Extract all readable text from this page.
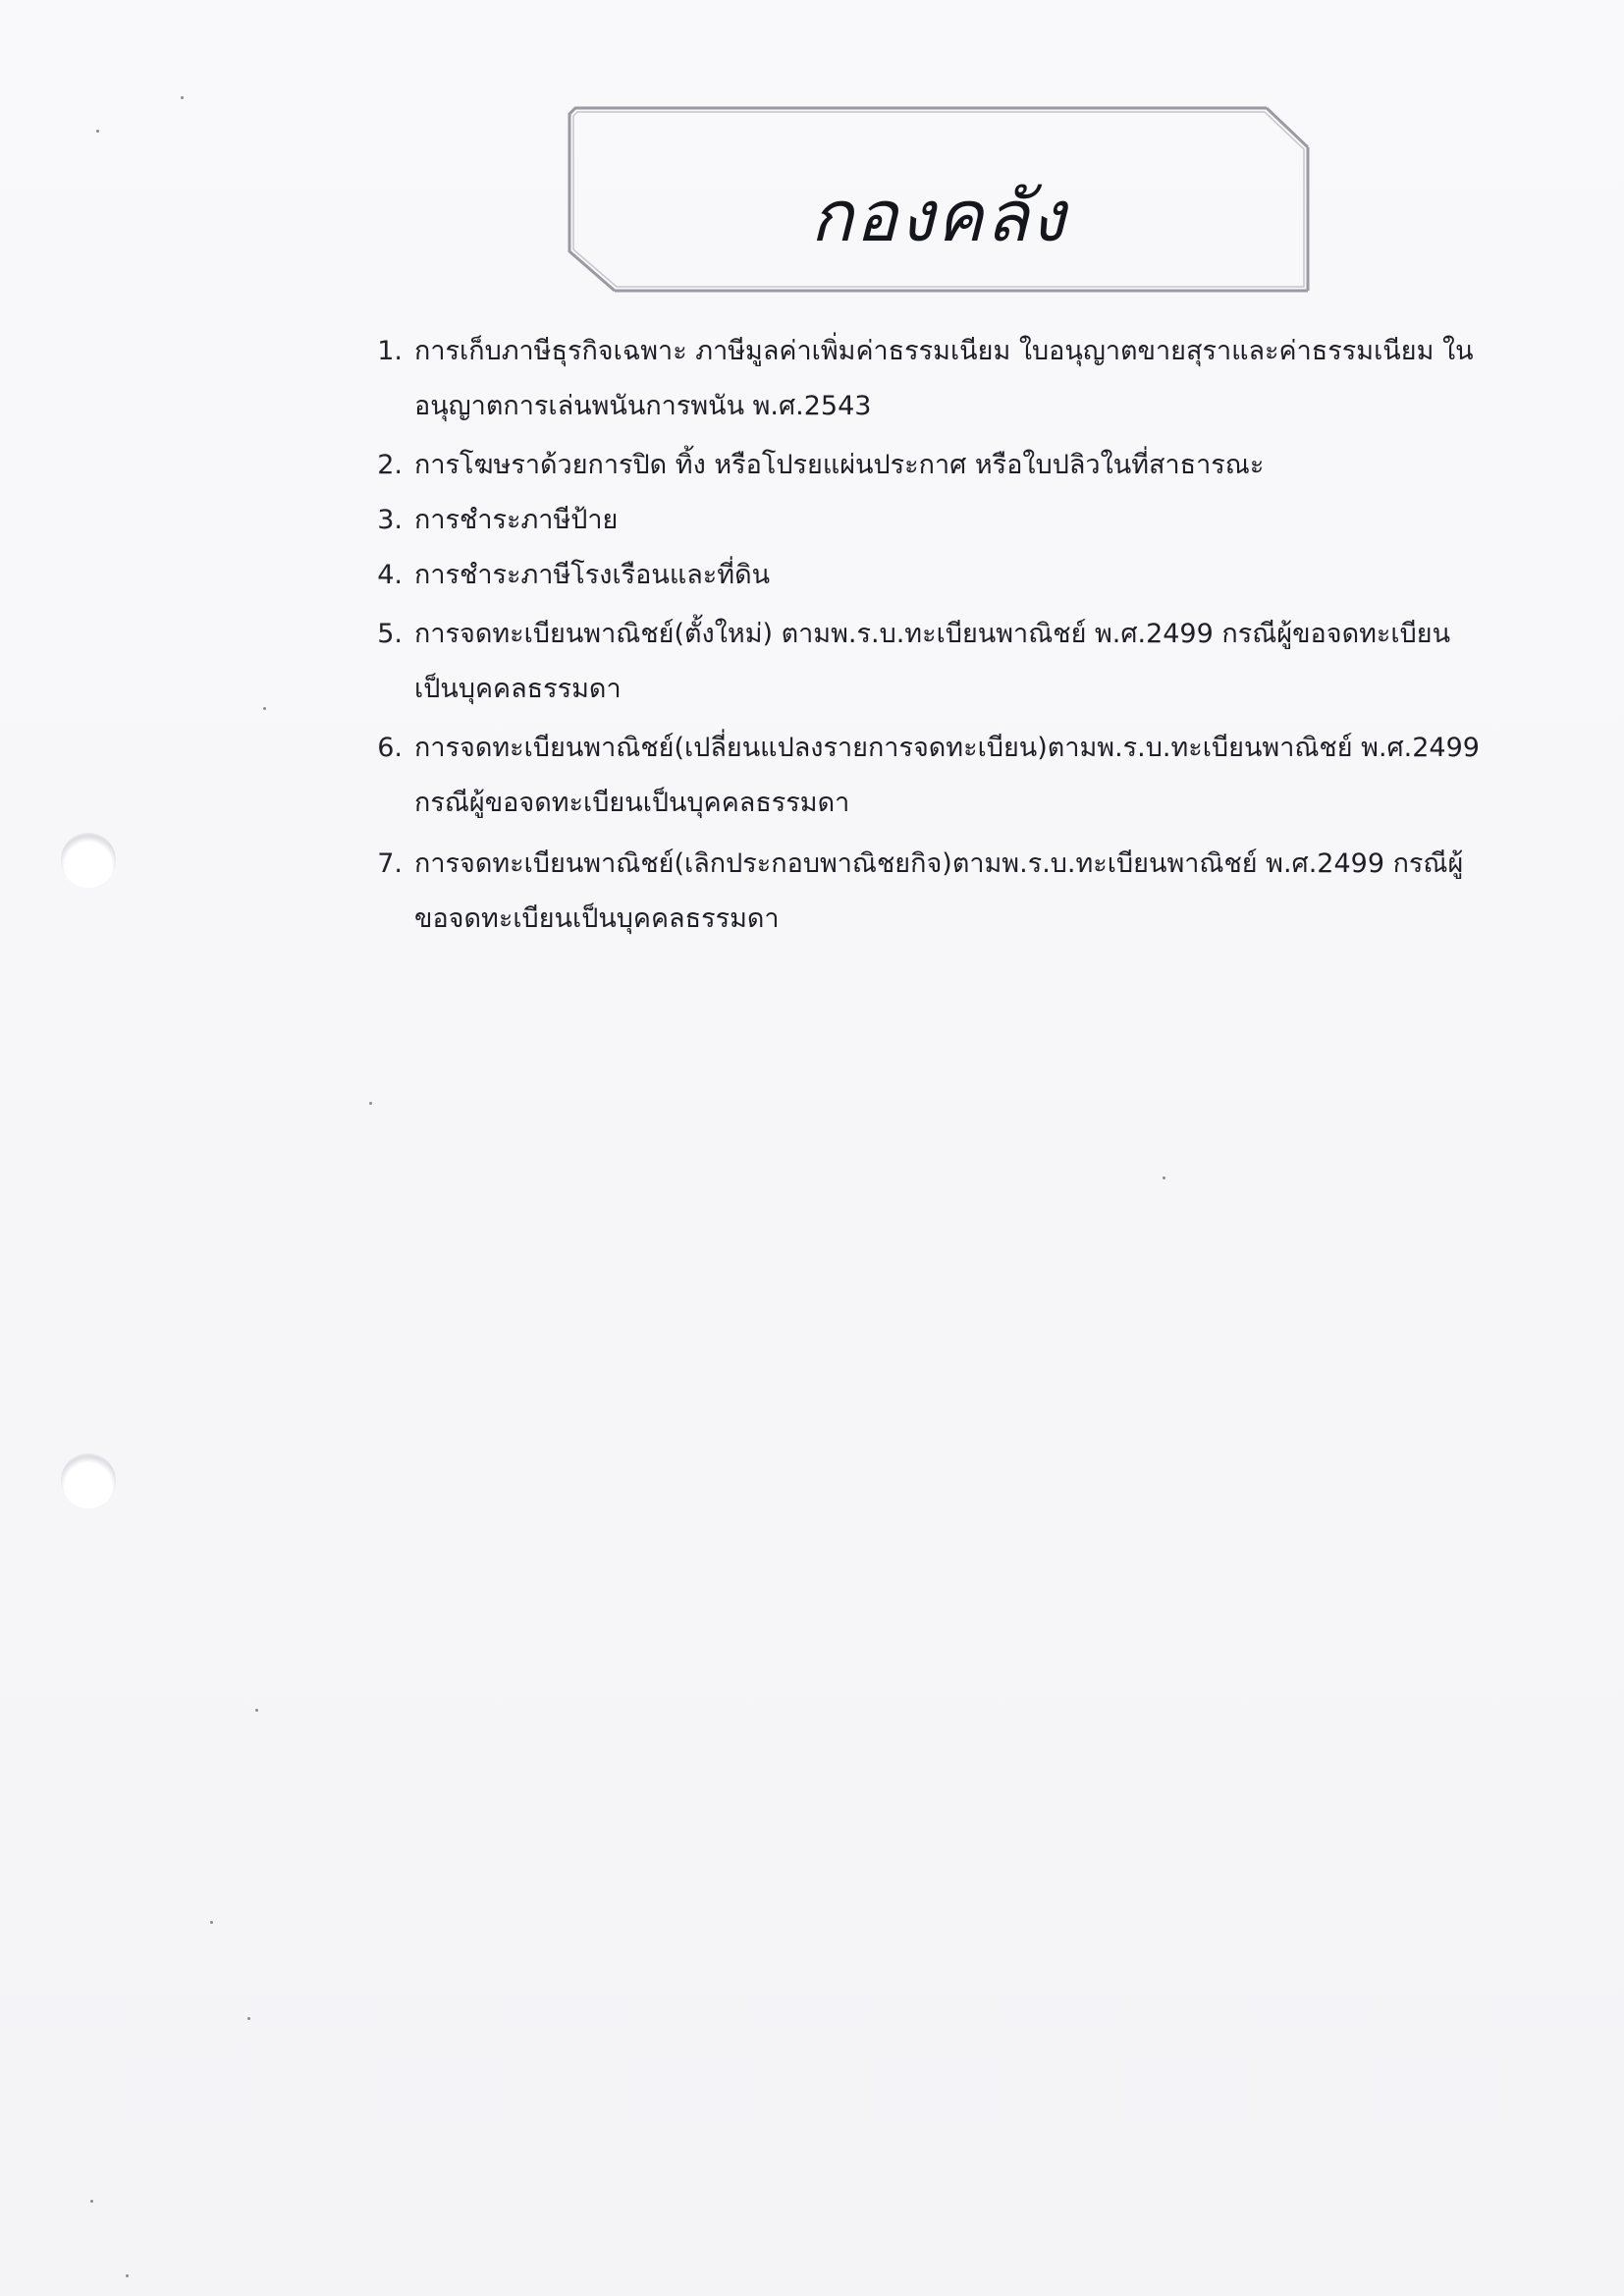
กองคลัง
1. การเก็บภาษีธุรกิจเฉพาะ ภาษีมูลค่าเพิ่มค่าธรรมเนียม ใบอนุญาตขายสุราและค่าธรรมเนียม ใน
อนุญาตการเล่นพนันการพนัน พ.ศ.2543
2. การโฆษราด้วยการปิด ทิ้ง หรือโปรยแผ่นประกาศ หรือใบปลิวในที่สาธารณะ
3. การชำระภาษีป้าย
4. การชำระภาษีโรงเรือนและที่ดิน
5. การจดทะเบียนพาณิชย์(ตั้งใหม่) ตามพ.ร.บ.ทะเบียนพาณิชย์ พ.ศ.2499 กรณีผู้ขอจดทะเบียน
เป็นบุคคลธรรมดา
6. การจดทะเบียนพาณิชย์(เปลี่ยนแปลงรายการจดทะเบียน)ตามพ.ร.บ.ทะเบียนพาณิชย์ พ.ศ.2499
กรณีผู้ขอจดทะเบียนเป็นบุคคลธรรมดา
7. การจดทะเบียนพาณิชย์(เลิกประกอบพาณิชยกิจ)ตามพ.ร.บ.ทะเบียนพาณิชย์ พ.ศ.2499 กรณีผู้
ขอจดทะเบียนเป็นบุคคลธรรมดา
